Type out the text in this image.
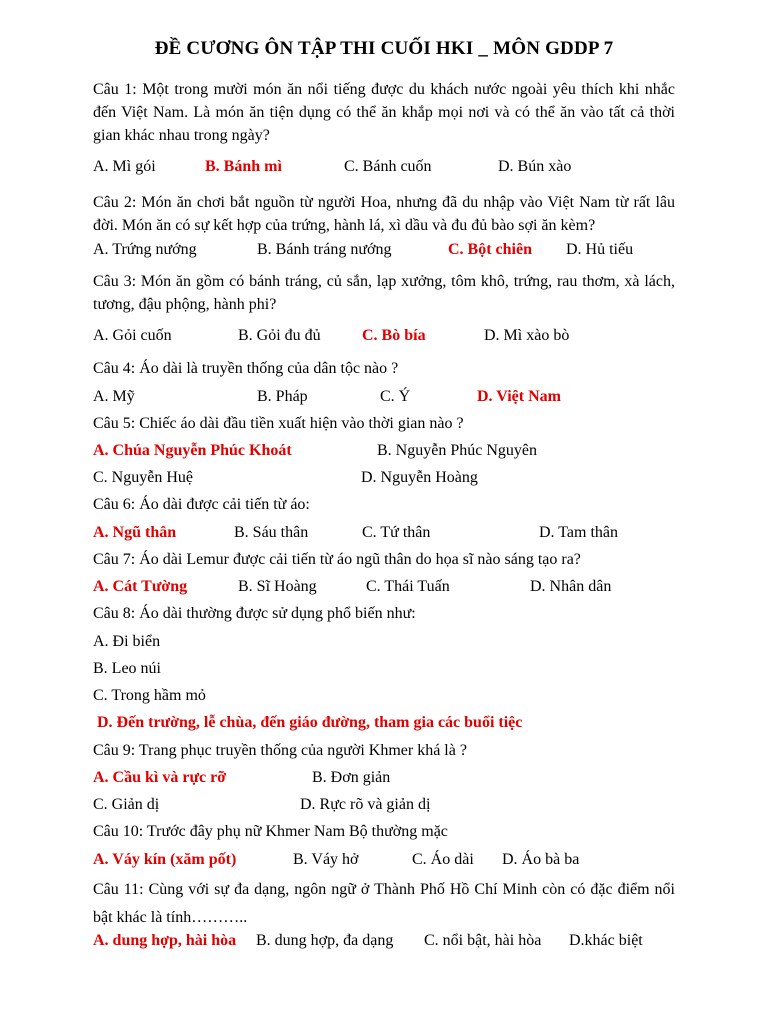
ĐỀ CƯƠNG ÔN TẬP THI CUỐI HKI _ MÔN GDDP 7
Câu 1: Một trong mười món ăn nổi tiếng được du khách nước ngoài yêu thích khi nhắc đến Việt Nam. Là món ăn tiện dụng có thể ăn khắp mọi nơi và có thể ăn vào tất cả thời gian khác nhau trong ngày?
A. Mì gói	B. Bánh mì	C. Bánh cuốn	D. Bún xào
Câu 2: Món ăn chơi bắt nguồn từ người Hoa, nhưng đã du nhập vào Việt Nam từ rất lâu đời. Món ăn có sự kết hợp của trứng, hành lá, xì dầu và đu đủ bào sợi ăn kèm?
A. Trứng nướng	B. Bánh tráng nướng	C. Bột chiên D. Hủ tiếu
Câu 3: Món ăn gồm có bánh tráng, củ sắn, lạp xưởng, tôm khô, trứng, rau thơm, xà lách, tương, đậu phộng, hành phi?
A. Gỏi cuốn	B. Gỏi đu đủ	C. Bò bía	D. Mì xào bò
Câu 4: Áo dài là truyền thống của dân tộc nào ?
A. Mỹ	B. Pháp	C. Ý	D. Việt Nam
Câu 5: Chiếc áo dài đầu tiền xuất hiện vào thời gian nào ?
A. Chúa Nguyễn Phúc Khoát	B. Nguyễn Phúc Nguyên
C. Nguyễn Huệ	D. Nguyễn Hoàng
Câu 6: Áo dài được cải tiến từ áo:
A. Ngũ thân	B. Sáu thân	C. Tứ thân	D. Tam thân
Câu 7: Áo dài Lemur được cải tiến từ áo ngũ thân do họa sĩ nào sáng tạo ra?
A. Cát Tường	B. Sĩ Hoàng	C. Thái Tuấn	D. Nhân dân
Câu 8: Áo dài thường được sử dụng phổ biến như:
A. Đi biển
B. Leo núi
C. Trong hầm mỏ
D. Đến trường, lễ chùa, đến giáo đường, tham gia các buổi tiệc
Câu 9: Trang phục truyền thống của người Khmer khá là ?
A. Cầu kì và rực rỡ	B. Đơn giản
C. Giản dị	D. Rực rõ và giản dị
Câu 10: Trước đây phụ nữ Khmer Nam Bộ thường mặc
A. Váy kín (xăm pốt)	B. Váy hở	C. Áo dài D. Áo bà ba
Câu 11: Cùng với sự đa dạng, ngôn ngữ ở Thành Phố Hồ Chí Minh còn có đặc điểm nổi bật khác là tính………..
A. dung hợp, hài hòa B. dung hợp, đa dạng C. nổi bật, hài hòa D.khác biệt
